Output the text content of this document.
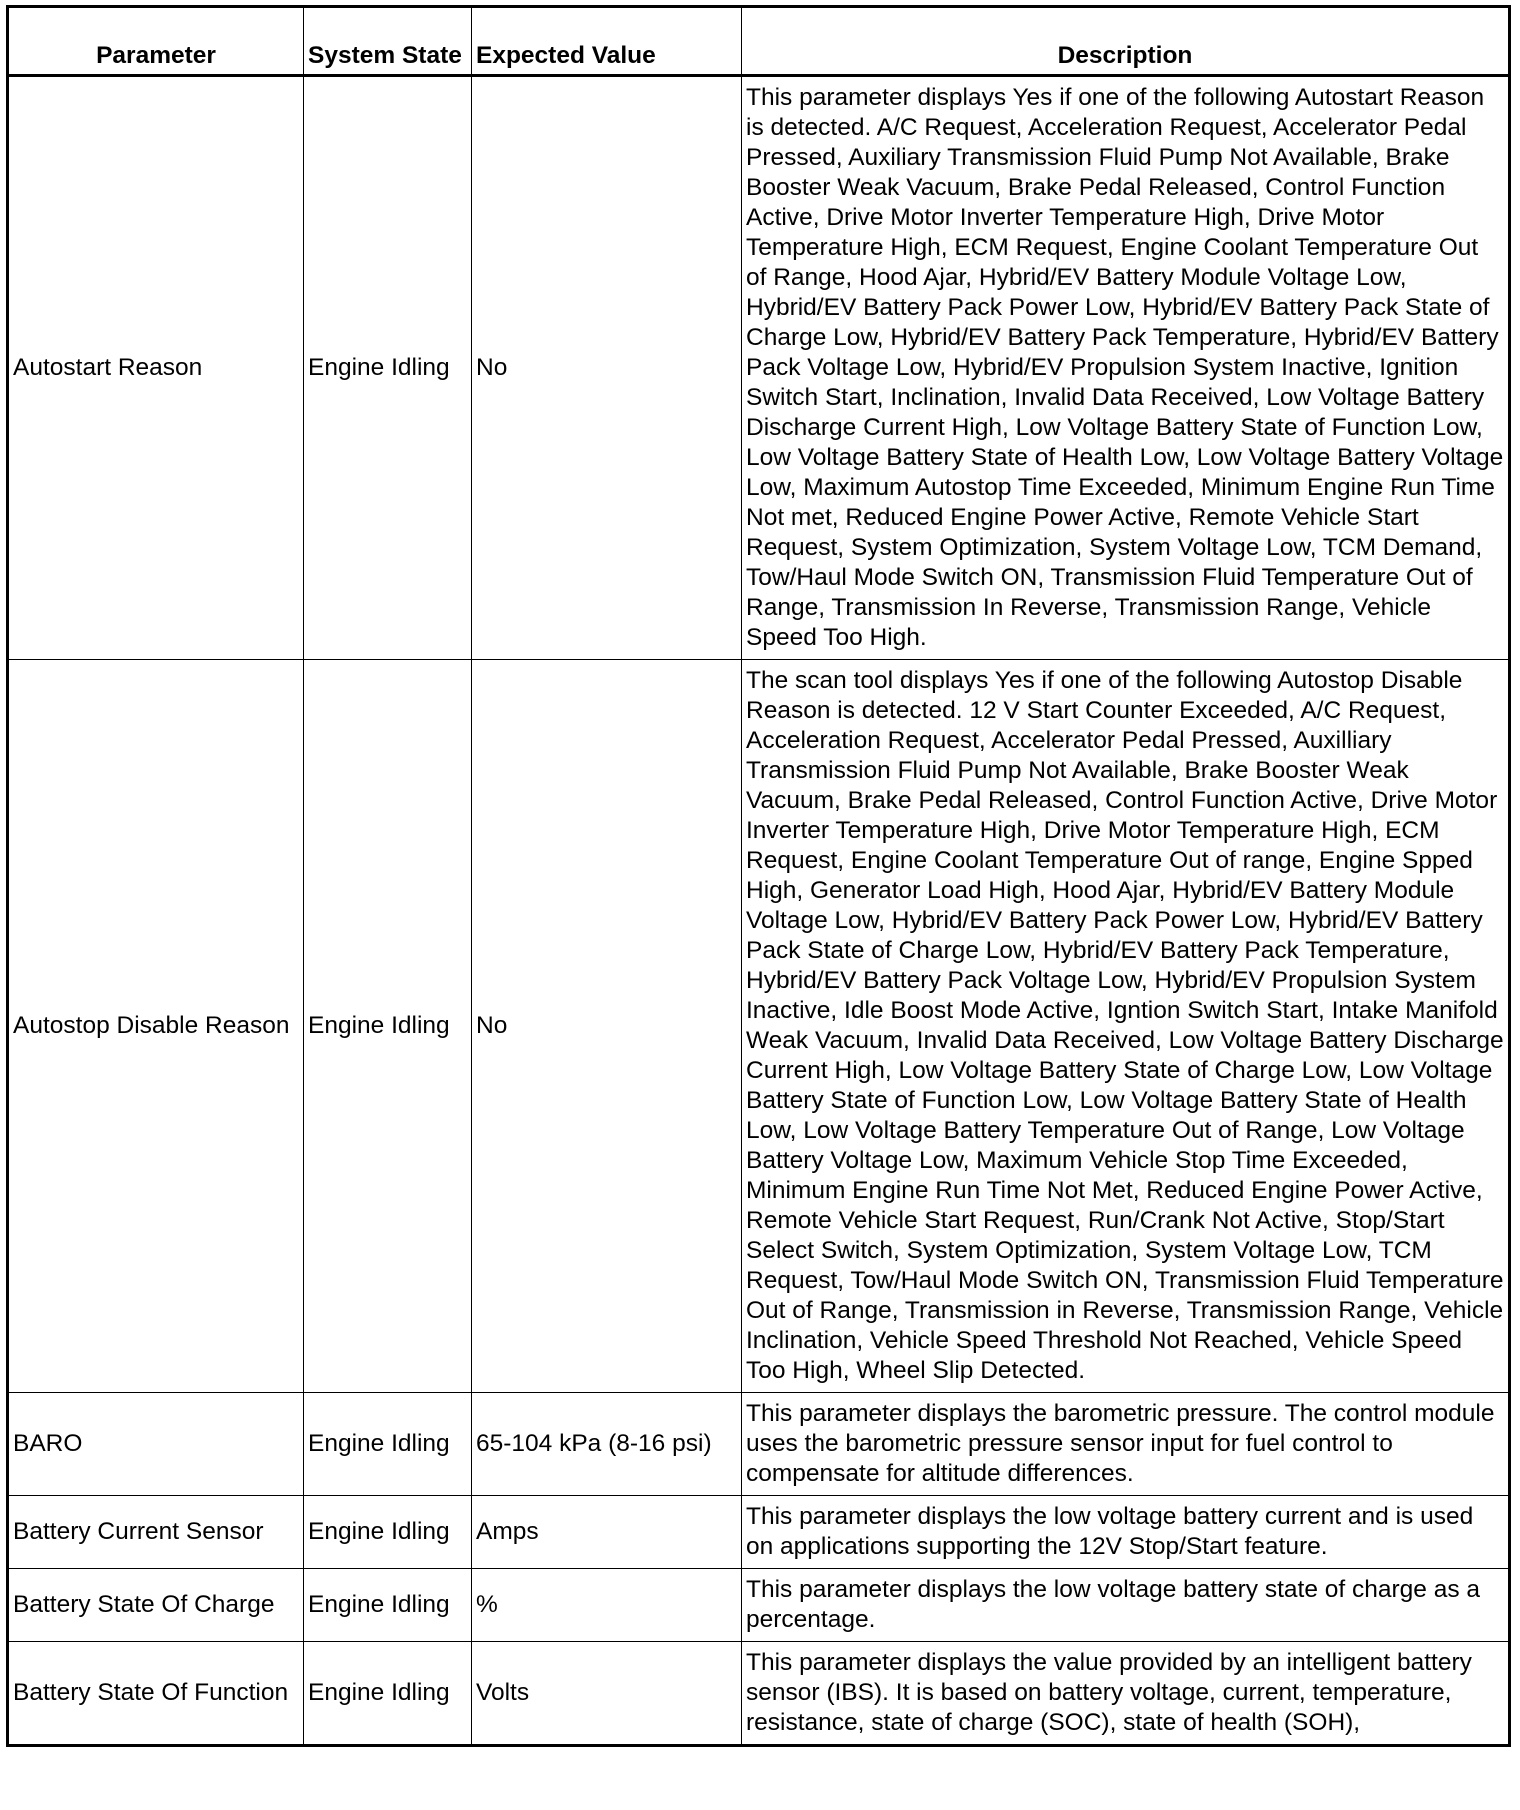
Parameter	System State	Expected Value	Description
Autostart Reason	Engine Idling	No	This parameter displays Yes if one of the following Autostart Reason is detected. A/C Request, Acceleration Request, Accelerator Pedal Pressed, Auxiliary Transmission Fluid Pump Not Available, Brake Booster Weak Vacuum, Brake Pedal Released, Control Function Active, Drive Motor Inverter Temperature High, Drive Motor Temperature High, ECM Request, Engine Coolant Temperature Out of Range, Hood Ajar, Hybrid/EV Battery Module Voltage Low, Hybrid/EV Battery Pack Power Low, Hybrid/EV Battery Pack State of Charge Low, Hybrid/EV Battery Pack Temperature, Hybrid/EV Battery Pack Voltage Low, Hybrid/EV Propulsion System Inactive, Ignition Switch Start, Inclination, Invalid Data Received, Low Voltage Battery Discharge Current High, Low Voltage Battery State of Function Low, Low Voltage Battery State of Health Low, Low Voltage Battery Voltage Low, Maximum Autostop Time Exceeded, Minimum Engine Run Time Not met, Reduced Engine Power Active, Remote Vehicle Start Request, System Optimization, System Voltage Low, TCM Demand, Tow/Haul Mode Switch ON, Transmission Fluid Temperature Out of Range, Transmission In Reverse, Transmission Range, Vehicle Speed Too High.
Autostop Disable Reason	Engine Idling	No	The scan tool displays Yes if one of the following Autostop Disable Reason is detected. 12 V Start Counter Exceeded, A/C Request, Acceleration Request, Accelerator Pedal Pressed, Auxilliary Transmission Fluid Pump Not Available, Brake Booster Weak Vacuum, Brake Pedal Released, Control Function Active, Drive Motor Inverter Temperature High, Drive Motor Temperature High, ECM Request, Engine Coolant Temperature Out of range, Engine Spped High, Generator Load High, Hood Ajar, Hybrid/EV Battery Module Voltage Low, Hybrid/EV Battery Pack Power Low, Hybrid/EV Battery Pack State of Charge Low, Hybrid/EV Battery Pack Temperature, Hybrid/EV Battery Pack Voltage Low, Hybrid/EV Propulsion System Inactive, Idle Boost Mode Active, Igntion Switch Start, Intake Manifold Weak Vacuum, Invalid Data Received, Low Voltage Battery Discharge Current High, Low Voltage Battery State of Charge Low, Low Voltage Battery State of Function Low, Low Voltage Battery State of Health Low, Low Voltage Battery Temperature Out of Range, Low Voltage Battery Voltage Low, Maximum Vehicle Stop Time Exceeded, Minimum Engine Run Time Not Met, Reduced Engine Power Active, Remote Vehicle Start Request, Run/Crank Not Active, Stop/Start Select Switch, System Optimization, System Voltage Low, TCM Request, Tow/Haul Mode Switch ON, Transmission Fluid Temperature Out of Range, Transmission in Reverse, Transmission Range, Vehicle Inclination, Vehicle Speed Threshold Not Reached, Vehicle Speed Too High, Wheel Slip Detected.
BARO	Engine Idling	65-104 kPa (8-16 psi)	This parameter displays the barometric pressure. The control module uses the barometric pressure sensor input for fuel control to compensate for altitude differences.
Battery Current Sensor	Engine Idling	Amps	This parameter displays the low voltage battery current and is used on applications supporting the 12V Stop/Start feature.
Battery State Of Charge	Engine Idling	%	This parameter displays the low voltage battery state of charge as a percentage.
Battery State Of Function	Engine Idling	Volts	This parameter displays the value provided by an intelligent battery sensor (IBS). It is based on battery voltage, current, temperature, resistance, state of charge (SOC), state of health (SOH),
